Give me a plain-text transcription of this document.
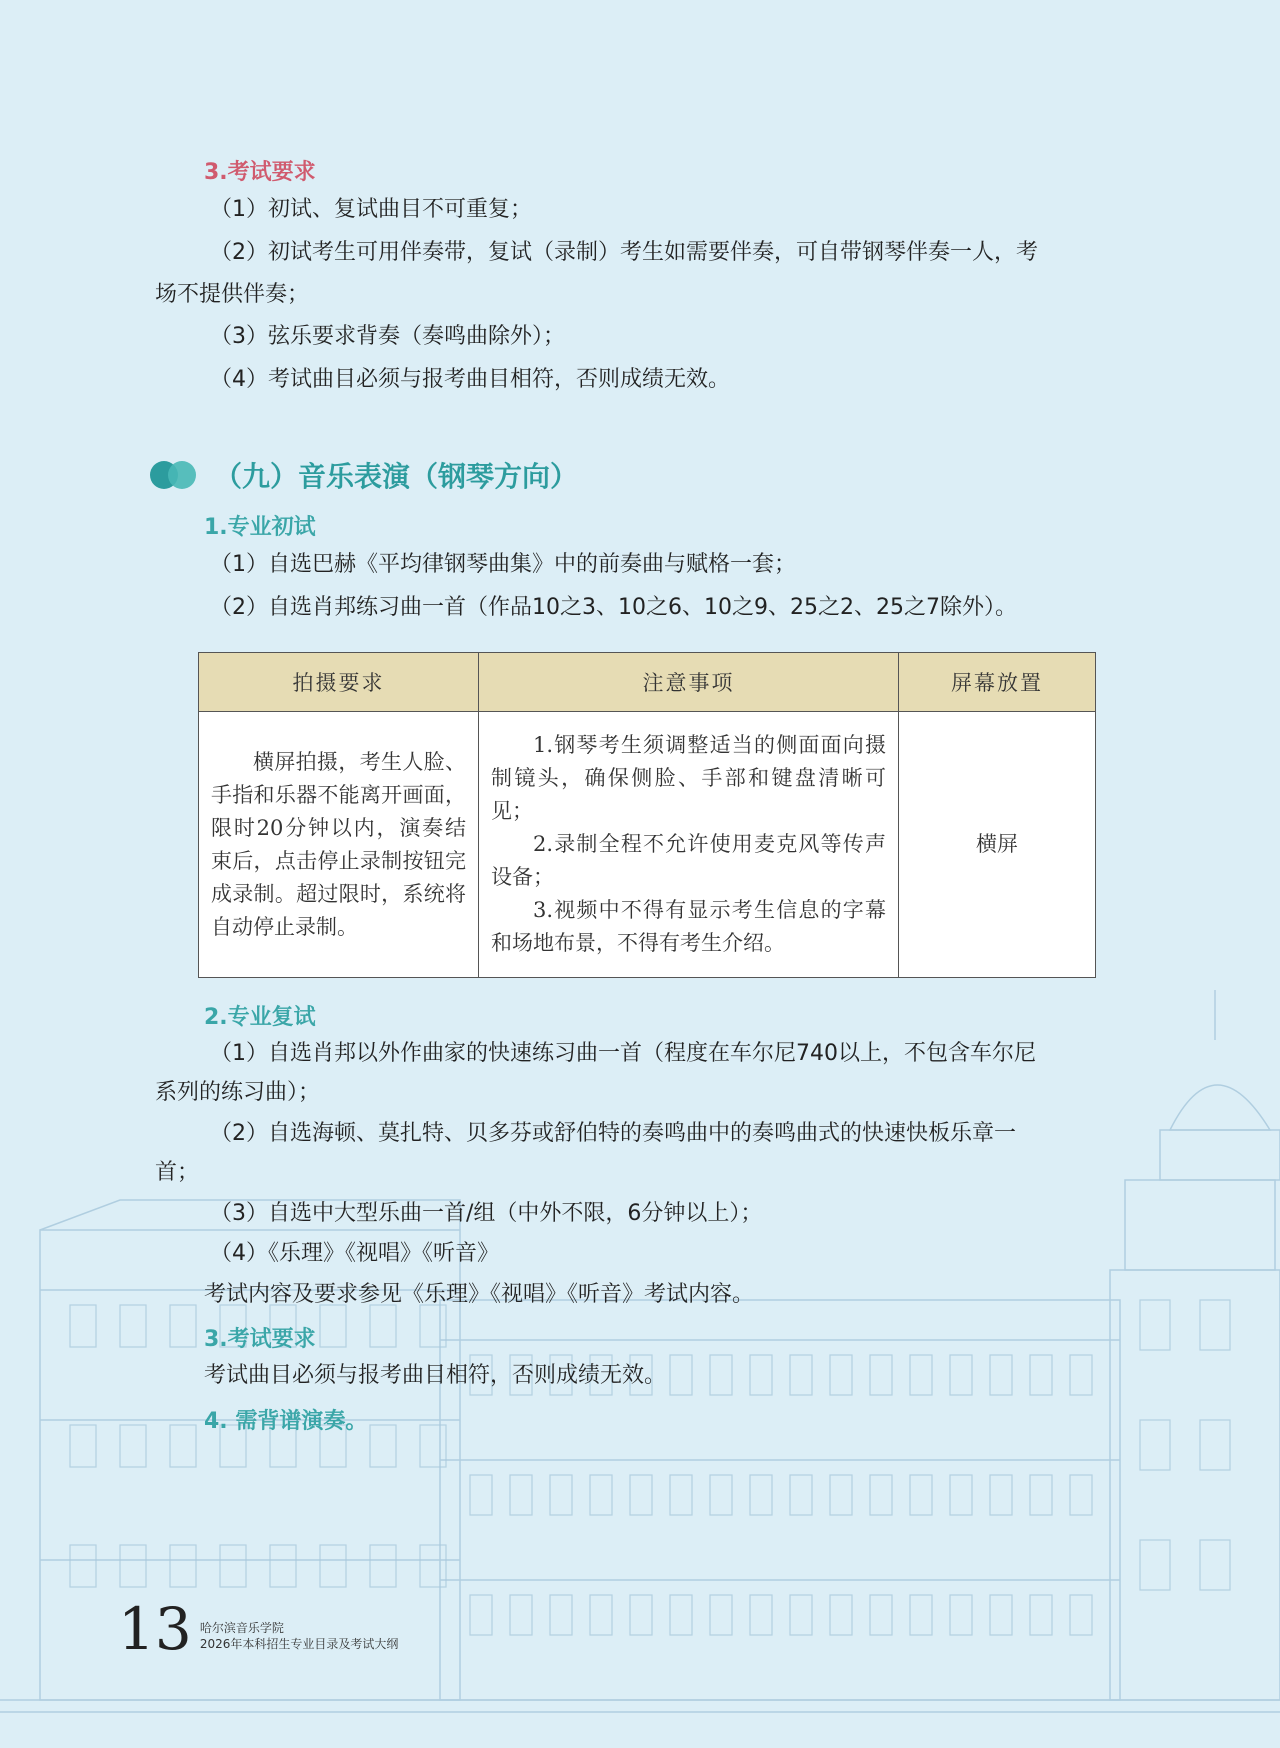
3.考试要求

（1）初试、复试曲目不可重复；

（2）初试考生可用伴奏带，复试（录制）考生如需要伴奏，可自带钢琴伴奏一人，考

场不提供伴奏；

（3）弦乐要求背奏（奏鸣曲除外）；

（4）考试曲目必须与报考曲目相符，否则成绩无效。

（九）音乐表演（钢琴方向）
1.专业初试

（1）自选巴赫《平均律钢琴曲集》中的前奏曲与赋格一套；

（2）自选肖邦练习曲一首（作品10之3、10之6、10之9、25之2、25之7除外）。

拍摄要求	注意事项	屏幕放置

横屏拍摄，考生人脸、手指和乐器不能离开画面，限时20分钟以内，演奏结束后，点击停止录制按钮完成录制。超过限时，系统将自动停止录制。	1.钢琴考生须调整适当的侧面面向摄制镜头，确保侧脸、手部和键盘清晰可见；
2.录制全程不允许使用麦克风等传声设备；
3.视频中不得有显示考生信息的字幕和场地布景，不得有考生介绍。	横屏
2.专业复试

（1）自选肖邦以外作曲家的快速练习曲一首（程度在车尔尼740以上，不包含车尔尼

系列的练习曲）；

（2）自选海顿、莫扎特、贝多芬或舒伯特的奏鸣曲中的奏鸣曲式的快速快板乐章一

首；

（3）自选中大型乐曲一首/组（中外不限，6分钟以上）；

（4）《乐理》《视唱》《听音》

考试内容及要求参见《乐理》《视唱》《听音》考试内容。

3.考试要求

考试曲目必须与报考曲目相符，否则成绩无效。

4. 需背谱演奏。
13 哈尔滨音乐学院
2026年本科招生专业目录及考试大纲
